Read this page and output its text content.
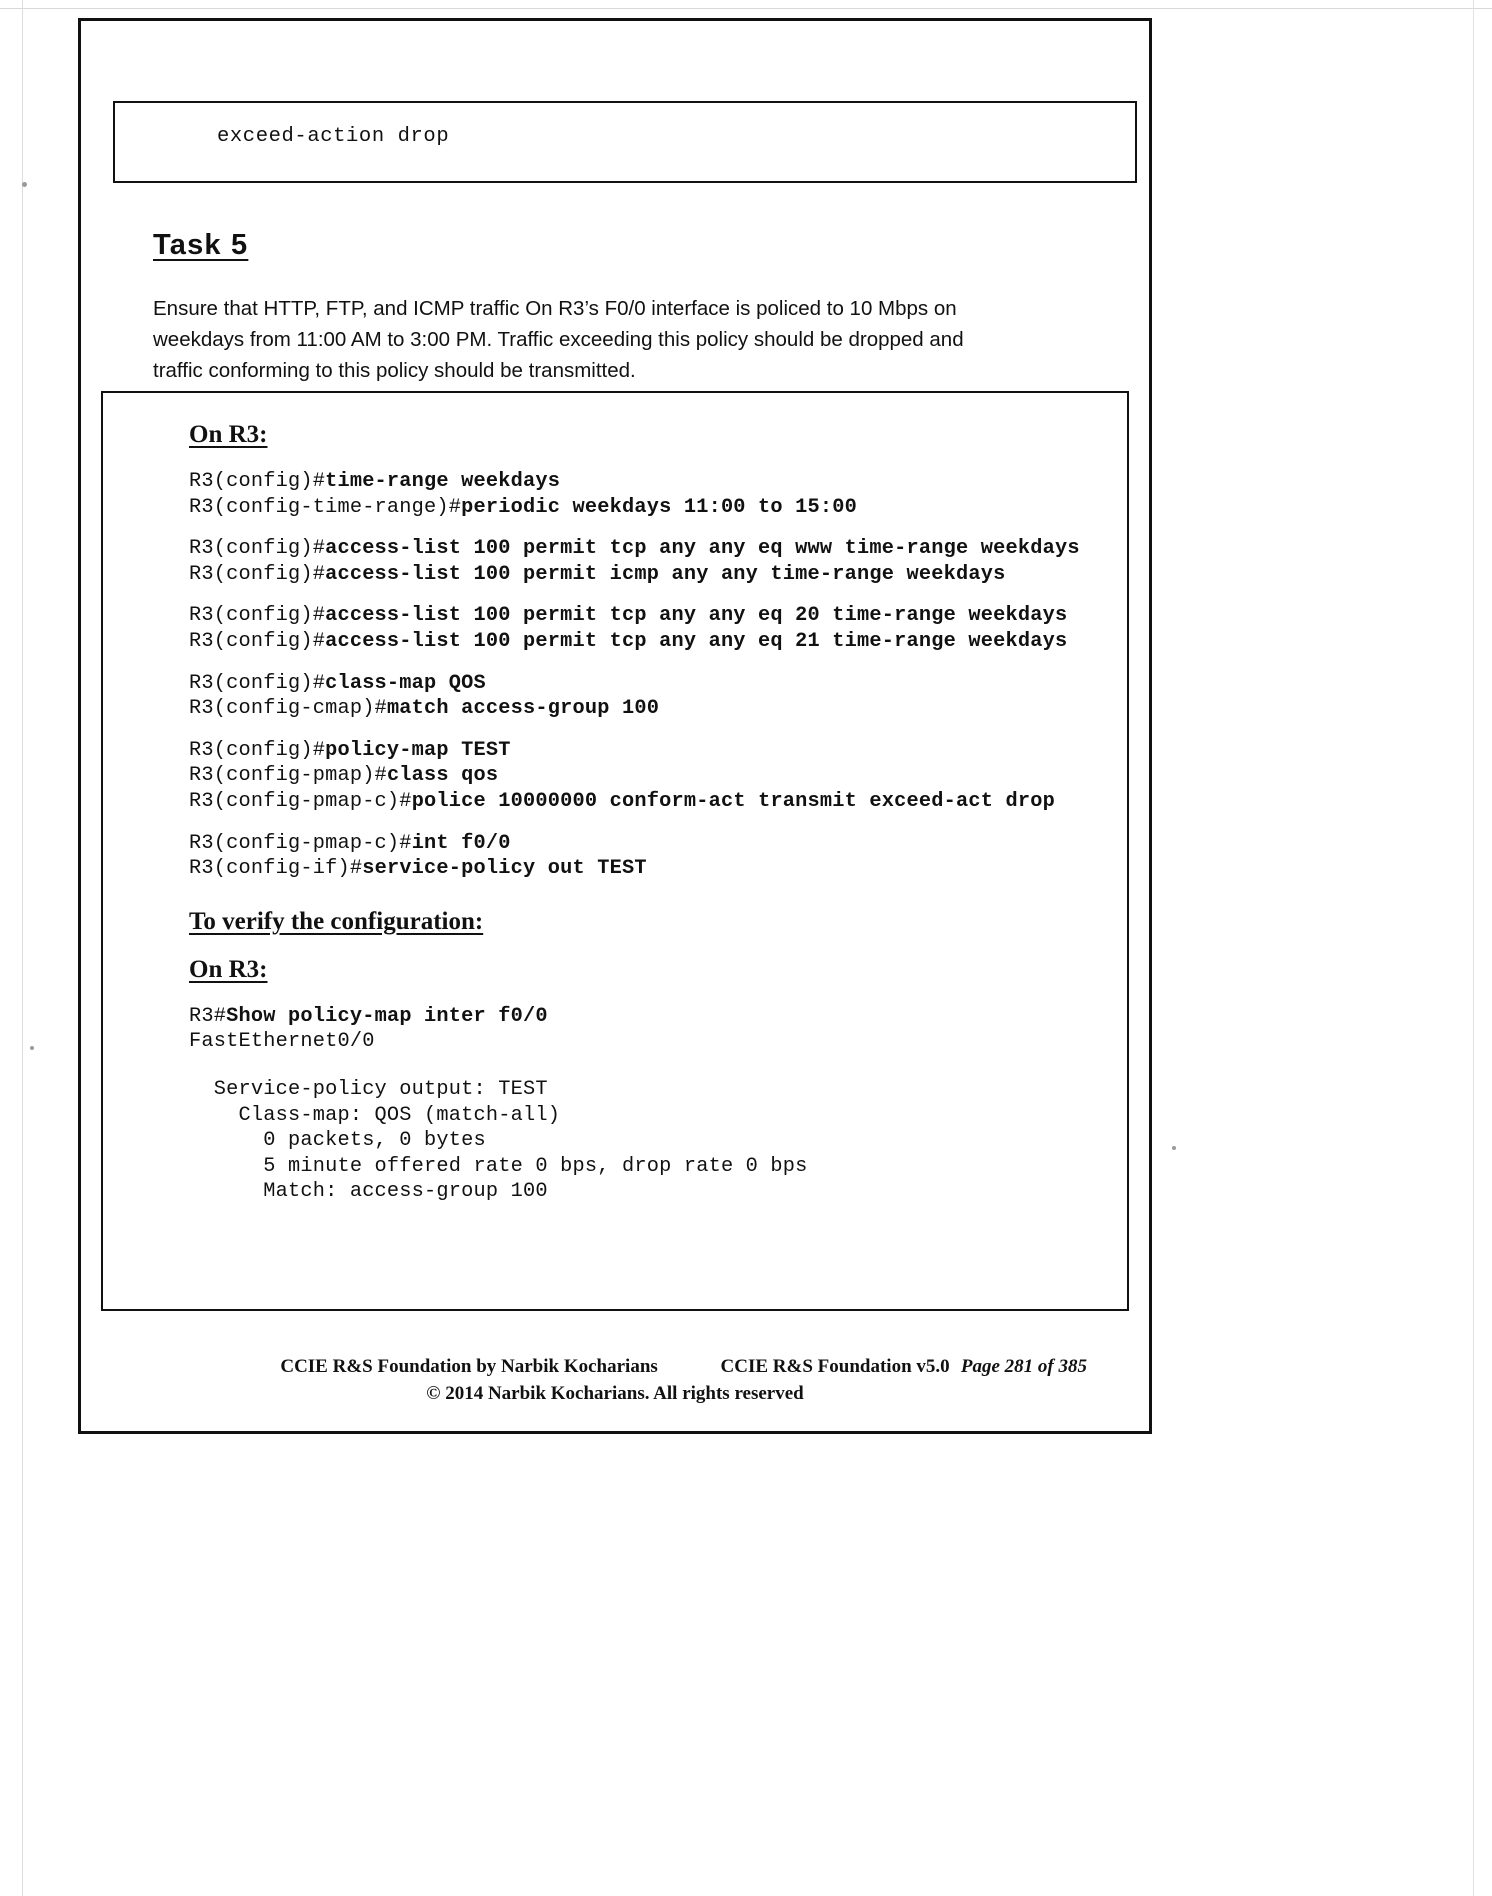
exceed-action drop
Task 5
Ensure that HTTP, FTP, and ICMP traffic On R3’s F0/0 interface is policed to 10 Mbps on weekdays from 11:00 AM to 3:00 PM. Traffic exceeding this policy should be dropped and traffic conforming to this policy should be transmitted.
On R3:
R3(config)#time-range weekdays
R3(config-time-range)#periodic weekdays 11:00 to 15:00
R3(config)#access-list 100 permit tcp any any eq www time-range weekdays
R3(config)#access-list 100 permit icmp any any time-range weekdays
R3(config)#access-list 100 permit tcp any any eq 20 time-range weekdays
R3(config)#access-list 100 permit tcp any any eq 21 time-range weekdays
R3(config)#class-map QOS
R3(config-cmap)#match access-group 100
R3(config)#policy-map TEST
R3(config-pmap)#class qos
R3(config-pmap-c)#police 10000000 conform-act transmit exceed-act drop
R3(config-pmap-c)#int f0/0
R3(config-if)#service-policy out TEST
To verify the configuration:
On R3:
R3#Show policy-map inter f0/0
FastEthernet0/0
Service-policy output: TEST
Class-map: QOS (match-all)
0 packets, 0 bytes
5 minute offered rate 0 bps, drop rate 0 bps
Match: access-group 100
CCIE R&S Foundation by Narbik Kocharians	CCIE R&S Foundation v5.0 Page 281 of 385
© 2014 Narbik Kocharians. All rights reserved
